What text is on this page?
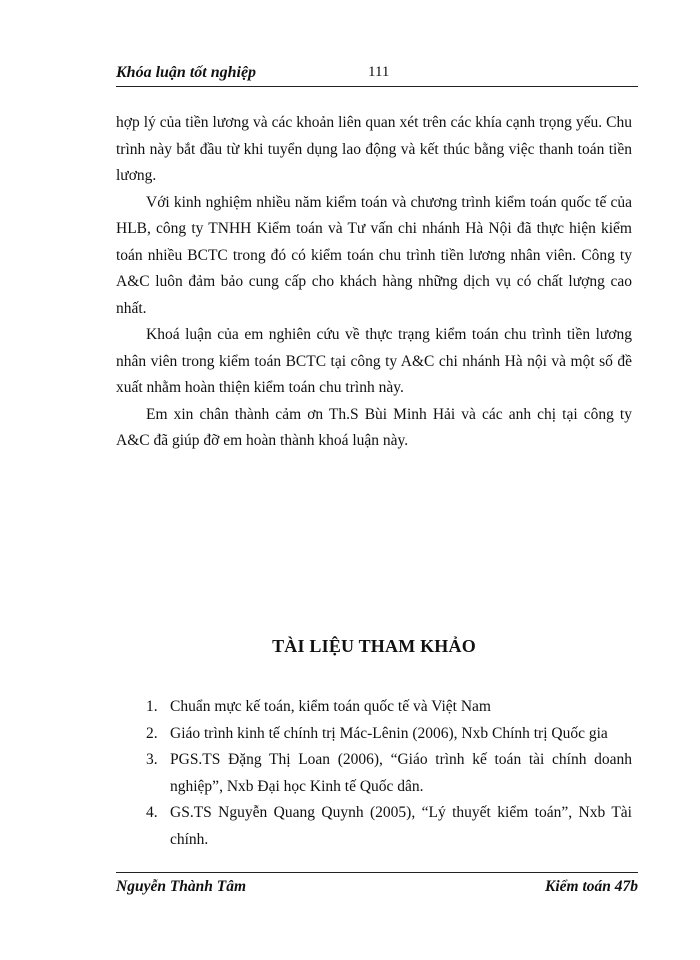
Khóa luận tốt nghiệp	111

hợp lý của tiền lương và các khoản liên quan xét trên các khía cạnh trọng yếu. Chu trình này bắt đầu từ khi tuyển dụng lao động và kết thúc bằng việc thanh toán tiền lương.

Với kinh nghiệm nhiều năm kiểm toán và chương trình kiểm toán quốc tế của HLB, công ty TNHH Kiểm toán và Tư vấn chi nhánh Hà Nội đã thực hiện kiểm toán nhiều BCTC trong đó có kiểm toán chu trình tiền lương nhân viên. Công ty A&C luôn đảm bảo cung cấp cho khách hàng những dịch vụ có chất lượng cao nhất.

Khoá luận của em nghiên cứu về thực trạng kiểm toán chu trình tiền lương nhân viên trong kiểm toán BCTC tại công ty A&C chi nhánh Hà nội và một số đề xuất nhằm hoàn thiện kiểm toán chu trình này.

Em xin chân thành cảm ơn Th.S Bùi Minh Hải và các anh chị tại công ty A&C đã giúp đỡ em hoàn thành khoá luận này.

TÀI LIỆU THAM KHẢO
1. Chuẩn mực kế toán, kiểm toán quốc tế và Việt Nam
2. Giáo trình kinh tế chính trị Mác-Lênin (2006), Nxb Chính trị Quốc gia
3. PGS.TS Đặng Thị Loan (2006), “Giáo trình kế toán tài chính doanh nghiệp”, Nxb Đại học Kinh tế Quốc dân.
4. GS.TS Nguyễn Quang Quynh (2005), “Lý thuyết kiểm toán”, Nxb Tài chính.
Nguyễn Thành Tâm	Kiểm toán 47b
